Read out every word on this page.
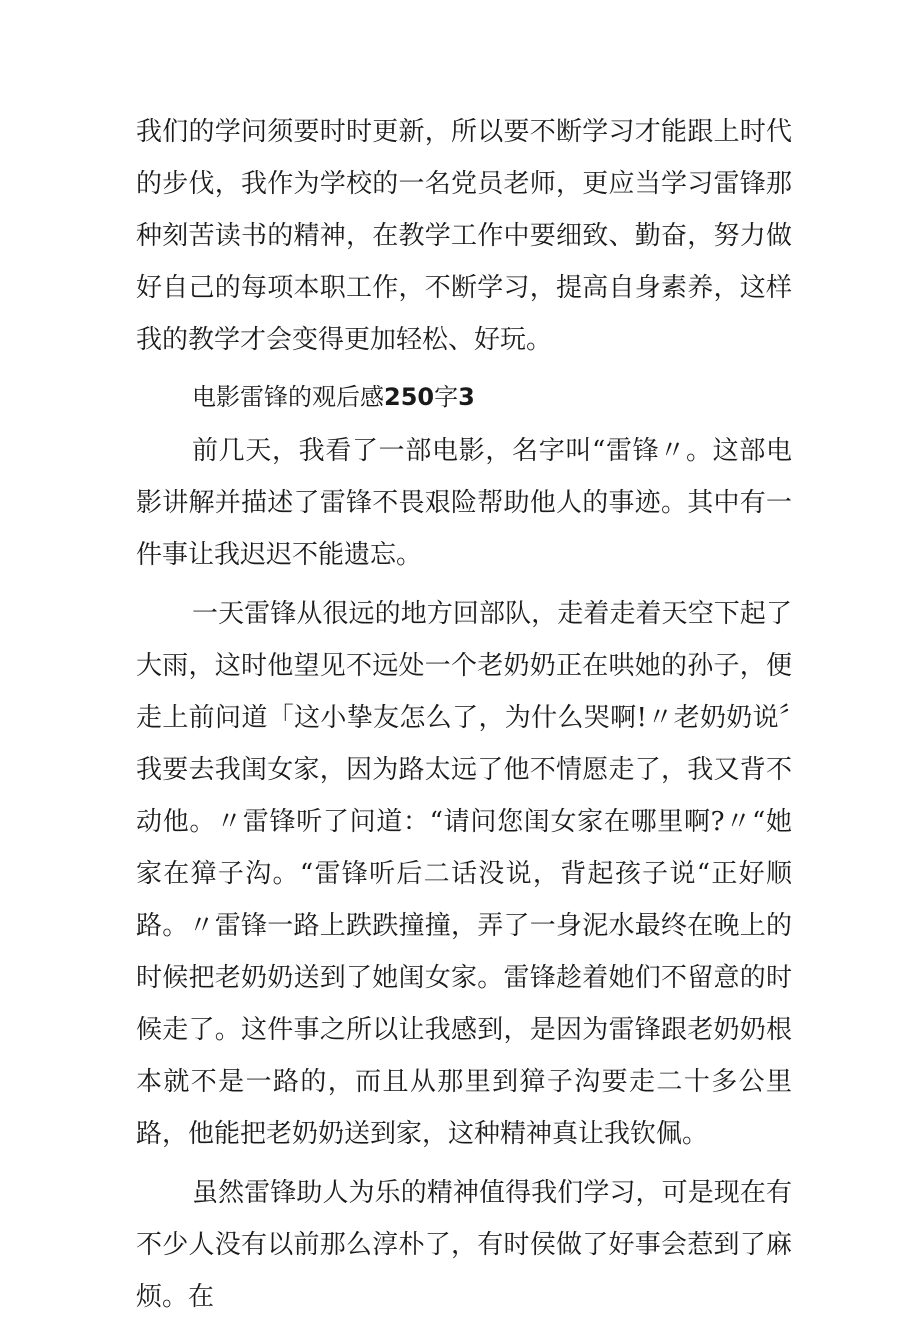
我们的学问须要时时更新，所以要不断学习才能跟上时代的步伐，我作为学校的一名党员老师，更应当学习雷锋那种刻苦读书的精神，在教学工作中要细致、勤奋，努力做好自己的每项本职工作，不断学习，提高自身素养，这样我的教学才会变得更加轻松、好玩。

电影雷锋的观后感250字3

前几天，我看了一部电影，名字叫“雷锋〃。这部电影讲解并描述了雷锋不畏艰险帮助他人的事迹。其中有一件事让我迟迟不能遗忘。

一天雷锋从很远的地方回部队，走着走着天空下起了大雨，这时他望见不远处一个老奶奶正在哄她的孙子，便走上前问道「这小挚友怎么了，为什么哭啊!〃老奶奶说〞我要去我闺女家，因为路太远了他不情愿走了，我又背不动他。〃雷锋听了问道：“请问您闺女家在哪里啊?〃“她家在獐子沟。“雷锋听后二话没说，背起孩子说“正好顺路。〃雷锋一路上跌跌撞撞，弄了一身泥水最终在晚上的时候把老奶奶送到了她闺女家。雷锋趁着她们不留意的时候走了。这件事之所以让我感到，是因为雷锋跟老奶奶根本就不是一路的，而且从那里到獐子沟要走二十多公里路，他能把老奶奶送到家，这种精神真让我钦佩。

虽然雷锋助人为乐的精神值得我们学习，可是现在有不少人没有以前那么淳朴了，有时侯做了好事会惹到了麻烦。在
